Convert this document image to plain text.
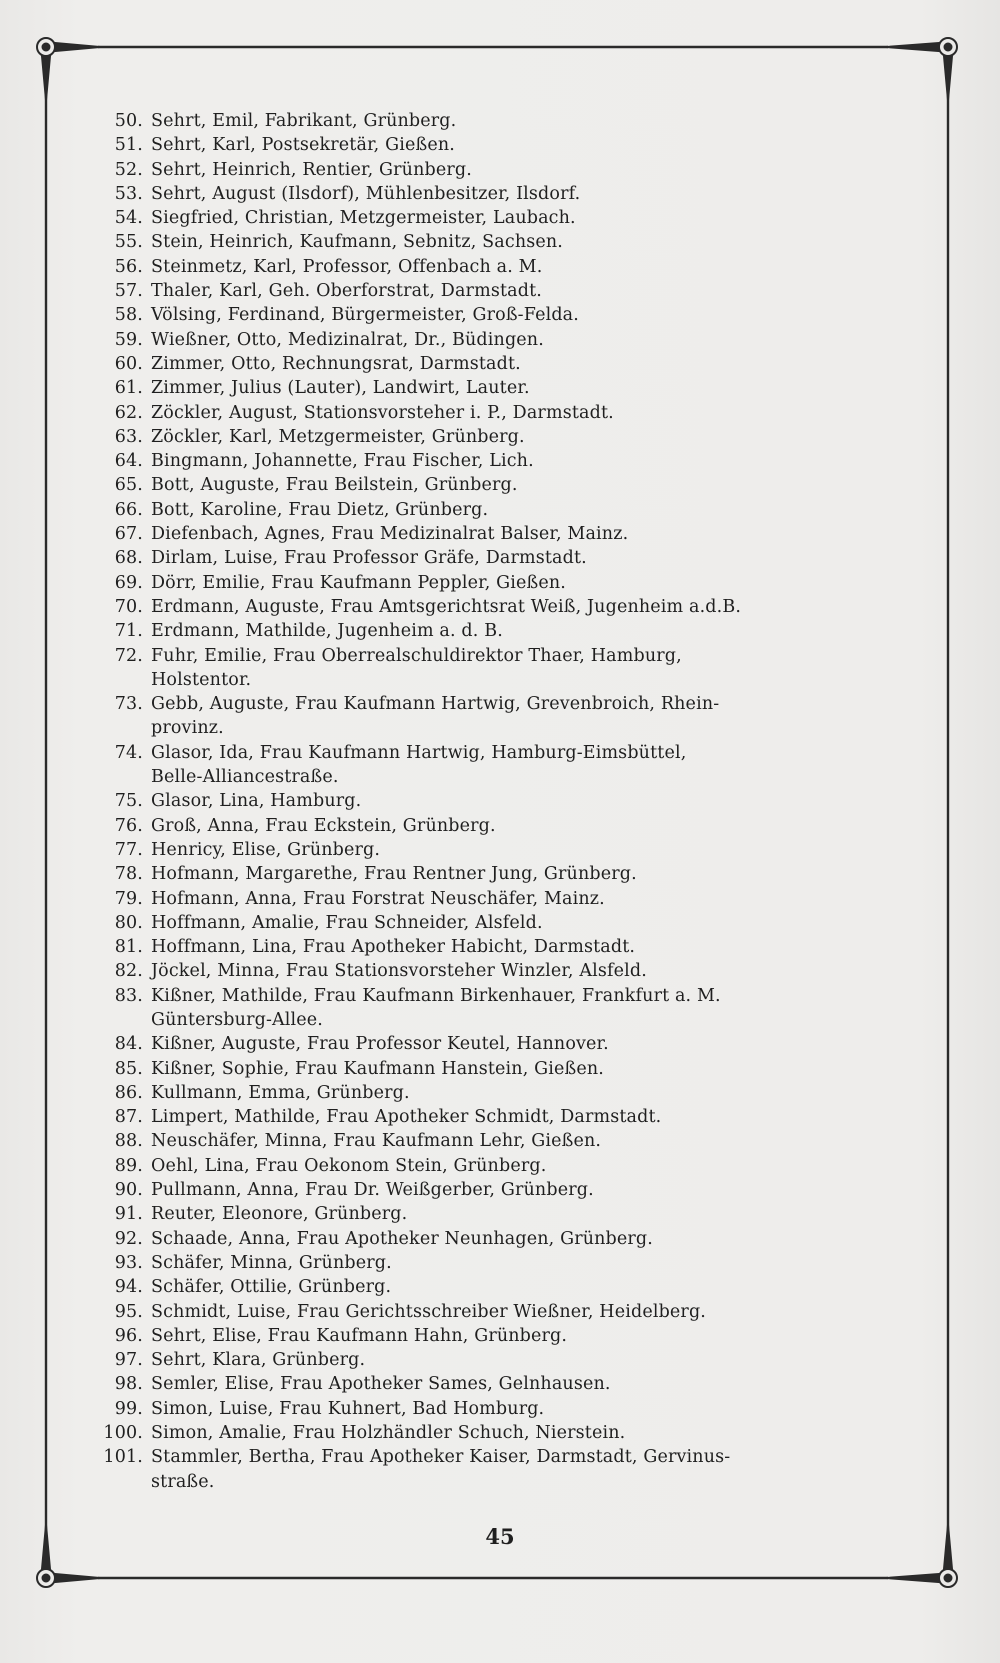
50. Sehrt, Emil, Fabrikant, Grünberg.
51. Sehrt, Karl, Postsekretär, Gießen.
52. Sehrt, Heinrich, Rentier, Grünberg.
53. Sehrt, August (Ilsdorf), Mühlenbesitzer, Ilsdorf.
54. Siegfried, Christian, Metzgermeister, Laubach.
55. Stein, Heinrich, Kaufmann, Sebnitz, Sachsen.
56. Steinmetz, Karl, Professor, Offenbach a. M.
57. Thaler, Karl, Geh. Oberforstrat, Darmstadt.
58. Völsing, Ferdinand, Bürgermeister, Groß-Felda.
59. Wießner, Otto, Medizinalrat, Dr., Büdingen.
60. Zimmer, Otto, Rechnungsrat, Darmstadt.
61. Zimmer, Julius (Lauter), Landwirt, Lauter.
62. Zöckler, August, Stationsvorsteher i. P., Darmstadt.
63. Zöckler, Karl, Metzgermeister, Grünberg.
64. Bingmann, Johannette, Frau Fischer, Lich.
65. Bott, Auguste, Frau Beilstein, Grünberg.
66. Bott, Karoline, Frau Dietz, Grünberg.
67. Diefenbach, Agnes, Frau Medizinalrat Balser, Mainz.
68. Dirlam, Luise, Frau Professor Gräfe, Darmstadt.
69. Dörr, Emilie, Frau Kaufmann Peppler, Gießen.
70. Erdmann, Auguste, Frau Amtsgerichtsrat Weiß, Jugenheim a.d.B.
71. Erdmann, Mathilde, Jugenheim a. d. B.
72. Fuhr, Emilie, Frau Oberrealschuldirektor Thaer, Hamburg,
Holstentor.
73. Gebb, Auguste, Frau Kaufmann Hartwig, Grevenbroich, Rhein-
provinz.
74. Glasor, Ida, Frau Kaufmann Hartwig, Hamburg-Eimsbüttel,
Belle-Alliancestraße.
75. Glasor, Lina, Hamburg.
76. Groß, Anna, Frau Eckstein, Grünberg.
77. Henricy, Elise, Grünberg.
78. Hofmann, Margarethe, Frau Rentner Jung, Grünberg.
79. Hofmann, Anna, Frau Forstrat Neuschäfer, Mainz.
80. Hoffmann, Amalie, Frau Schneider, Alsfeld.
81. Hoffmann, Lina, Frau Apotheker Habicht, Darmstadt.
82. Jöckel, Minna, Frau Stationsvorsteher Winzler, Alsfeld.
83. Kißner, Mathilde, Frau Kaufmann Birkenhauer, Frankfurt a. M.
Güntersburg-Allee.
84. Kißner, Auguste, Frau Professor Keutel, Hannover.
85. Kißner, Sophie, Frau Kaufmann Hanstein, Gießen.
86. Kullmann, Emma, Grünberg.
87. Limpert, Mathilde, Frau Apotheker Schmidt, Darmstadt.
88. Neuschäfer, Minna, Frau Kaufmann Lehr, Gießen.
89. Oehl, Lina, Frau Oekonom Stein, Grünberg.
90. Pullmann, Anna, Frau Dr. Weißgerber, Grünberg.
91. Reuter, Eleonore, Grünberg.
92. Schaade, Anna, Frau Apotheker Neunhagen, Grünberg.
93. Schäfer, Minna, Grünberg.
94. Schäfer, Ottilie, Grünberg.
95. Schmidt, Luise, Frau Gerichtsschreiber Wießner, Heidelberg.
96. Sehrt, Elise, Frau Kaufmann Hahn, Grünberg.
97. Sehrt, Klara, Grünberg.
98. Semler, Elise, Frau Apotheker Sames, Gelnhausen.
99. Simon, Luise, Frau Kuhnert, Bad Homburg.
100. Simon, Amalie, Frau Holzhändler Schuch, Nierstein.
101. Stammler, Bertha, Frau Apotheker Kaiser, Darmstadt, Gervinus-
straße.
45
